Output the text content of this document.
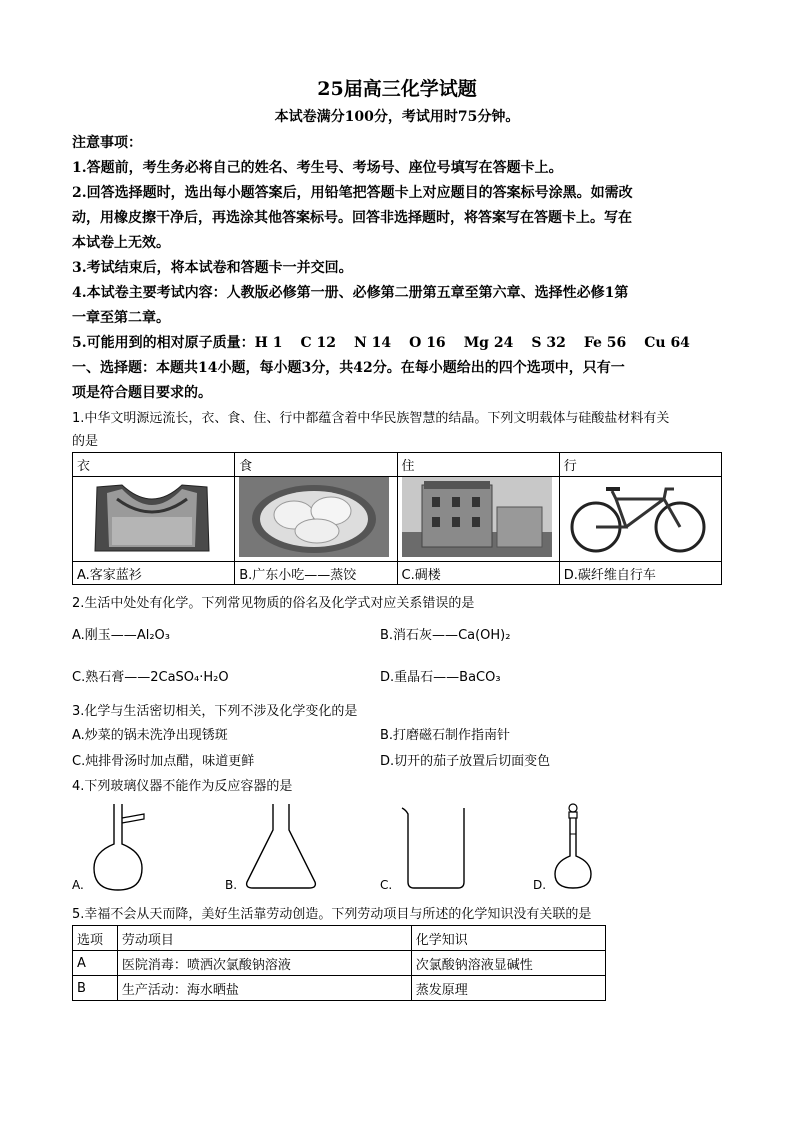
25届高三化学试题
本试卷满分100分，考试用时75分钟。
注意事项：
1.答题前，考生务必将自己的姓名、考生号、考场号、座位号填写在答题卡上。
2.回答选择题时，选出每小题答案后，用铅笔把答题卡上对应题目的答案标号涂黑。如需改
动，用橡皮擦干净后，再选涂其他答案标号。回答非选择题时，将答案写在答题卡上。写在
本试卷上无效。
3.考试结束后，将本试卷和答题卡一并交回。
4.本试卷主要考试内容：人教版必修第一册、必修第二册第五章至第六章、选择性必修1第
一章至第二章。
5.可能用到的相对原子质量：H 1 C 12 N 14 O 16 Mg 24 S 32 Fe 56 Cu 64
一、选择题：本题共14小题，每小题3分，共42分。在每小题给出的四个选项中，只有一
项是符合题目要求的。
1.中华文明源远流长，衣、食、住、行中都蕴含着中华民族智慧的结晶。下列文明载体与硅酸盐材料有关
的是
衣	食	住	行

A.客家蓝衫	B.广东小吃——蒸饺	C.碉楼	D.碳纤维自行车
2.生活中处处有化学。下列常见物质的俗名及化学式对应关系错误的是
A.刚玉——Al₂O₃	B.消石灰——Ca(OH)₂
C.熟石膏——2CaSO₄·H₂O	D.重晶石——BaCO₃
3.化学与生活密切相关，下列不涉及化学变化的是
A.炒菜的锅未洗净出现锈斑	B.打磨磁石制作指南针
C.炖排骨汤时加点醋，味道更鲜	D.切开的茄子放置后切面变色
4.下列玻璃仪器不能作为反应容器的是
A.	B.	C.	D.
5.幸福不会从天而降，美好生活靠劳动创造。下列劳动项目与所述的化学知识没有关联的是
选项	劳动项目	化学知识
A	医院消毒：喷洒次氯酸钠溶液	次氯酸钠溶液显碱性
B	生产活动：海水晒盐	蒸发原理
